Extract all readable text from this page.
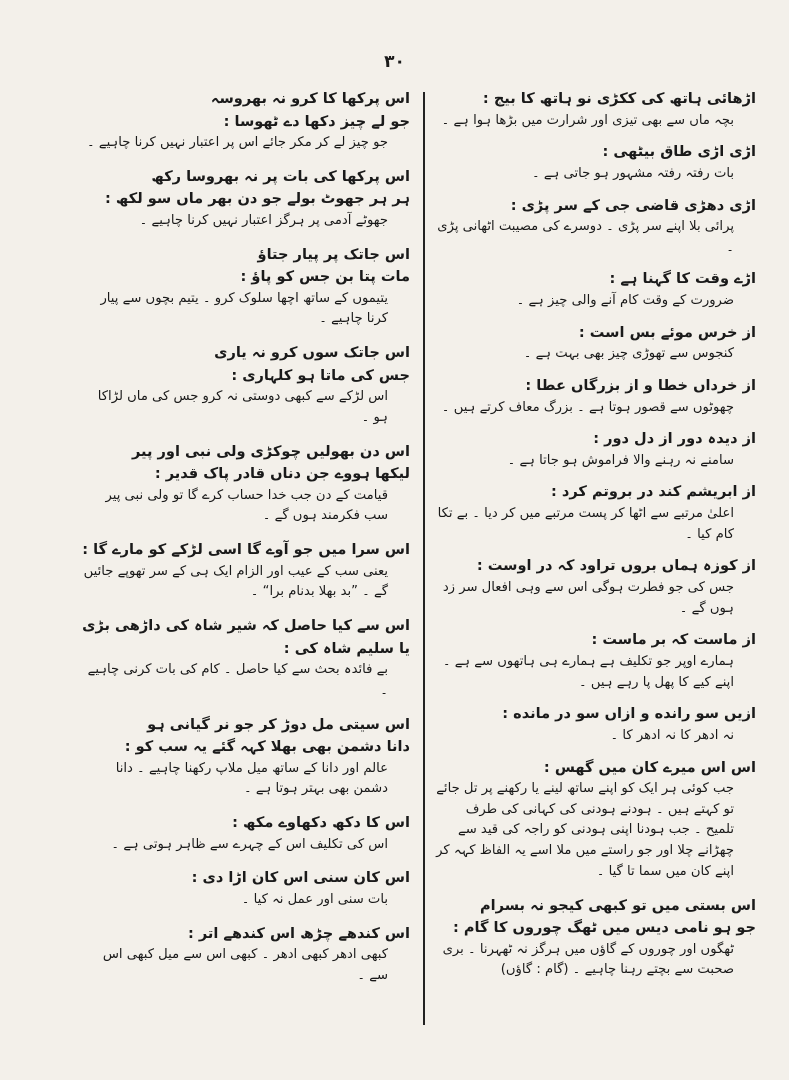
۳۰

اڑھائی ہاتھ کی ککڑی نو ہاتھ کا بیج :

بچہ ماں سے بھی تیزی اور شرارت میں بڑھا ہوا ہے ۔

اڑی اڑی طاق بیٹھی :

بات رفتہ رفتہ مشہور ہو جاتی ہے ۔

اڑی دھڑی قاضی جی کے سر پڑی :

پرائی بلا اپنے سر پڑی ۔ دوسرے کی مصیبت اٹھانی پڑی ۔

اڑے وقت کا گہنا ہے :

ضرورت کے وقت کام آنے والی چیز ہے ۔

از خرس موئے بس است :

کنجوس سے تھوڑی چیز بھی بہت ہے ۔

از خرداں خطا و از بزرگاں عطا :

چھوٹوں سے قصور ہوتا ہے ۔ بزرگ معاف کرتے ہیں ۔

از دیدہ دور از دل دور :

سامنے نہ رہنے والا فراموش ہو جاتا ہے ۔

از ابریشم کند در بروتم کرد :

اعلیٰ مرتبے سے اٹھا کر پست مرتبے میں کر دیا ۔ بے تکا کام کیا ۔

از کوزہ ہماں بروں تراود کہ در اوست :

جس کی جو فطرت ہوگی اس سے وہی افعال سر زد ہوں گے ۔

از ماست کہ بر ماست :

ہمارے اوپر جو تکلیف ہے ہمارے ہی ہاتھوں سے ہے ۔ اپنے کیے کا پھل پا رہے ہیں ۔

ازیں سو رانده و ازاں سو در مانده :

نہ ادھر کا نہ ادھر کا ۔

اس اس میرے کان میں گھس :

جب کوئی ہر ایک کو اپنے ساتھ لینے یا رکھنے پر تل جائے تو کہتے ہیں ۔ ہودنے ہودنی کی کہانی کی طرف تلمیح ۔ جب ہودنا اپنی ہودنی کو راجہ کی قید سے چھڑانے چلا اور جو راستے میں ملا اسے یہ الفاظ کہہ کر اپنے کان میں سما تا گیا ۔

اس بستی میں تو کبھی کیجو نہ بسرام

جو ہو نامی دیس میں ٹھگ چوروں کا گام :

ٹھگوں اور چوروں کے گاؤں میں ہرگز نہ ٹھہرنا ۔ بری صحبت سے بچتے رہنا چاہیے ۔ (گام : گاؤں)

اس پرکھا کا کرو نہ بھروسہ

جو لے چیز دکھا دے ٹھوسا :

جو چیز لے کر مکر جائے اس پر اعتبار نہیں کرنا چاہیے ۔

اس پرکھا کی بات پر نہ بھروسا رکھ

ہر ہر جھوٹ بولے جو دن بھر ماں سو لکھ :

جھوٹے آدمی پر ہرگز اعتبار نہیں کرنا چاہیے ۔

اس جاتک پر پیار جتاؤ

مات پتا بن جس کو پاؤ :

یتیموں کے ساتھ اچھا سلوک کرو ۔ یتیم بچوں سے پیار کرنا چاہیے ۔

اس جاتک سوں کرو نہ یاری

جس کی ماتا ہو کلہاری :

اس لڑکے سے کبھی دوستی نہ کرو جس کی ماں لڑاکا ہو ۔

اس دن بھولیں چوکڑی ولی نبی اور پیر

لیکھا ہووے جن دناں قادر پاک قدیر :

قیامت کے دن جب خدا حساب کرے گا تو ولی نبی پیر سب فکرمند ہوں گے ۔

اس سرا میں جو آوے گا اسی لڑکے کو مارے گا :

یعنی سب کے عیب اور الزام ایک ہی کے سر تھوپے جائیں گے ۔ ”بد بھلا بدنام برا“ ۔

اس سے کیا حاصل کہ شیر شاہ کی داڑھی بڑی یا سلیم شاہ کی :

بے فائدہ بحث سے کیا حاصل ۔ کام کی بات کرنی چاہیے ۔

اس سیتی مل دوڑ کر جو نر گیانی ہو

دانا دشمن بھی بھلا کہہ گئے یہ سب کو :

عالم اور دانا کے ساتھ میل ملاپ رکھنا چاہیے ۔ دانا دشمن بھی بہتر ہوتا ہے ۔

اس کا دکھ دکھاوے مکھ :

اس کی تکلیف اس کے چہرے سے ظاہر ہوتی ہے ۔

اس کان سنی اس کان اڑا دی :

بات سنی اور عمل نہ کیا ۔

اس کندھے چڑھ اس کندھے اتر :

کبھی ادھر کبھی ادھر ۔ کبھی اس سے میل کبھی اس سے ۔
